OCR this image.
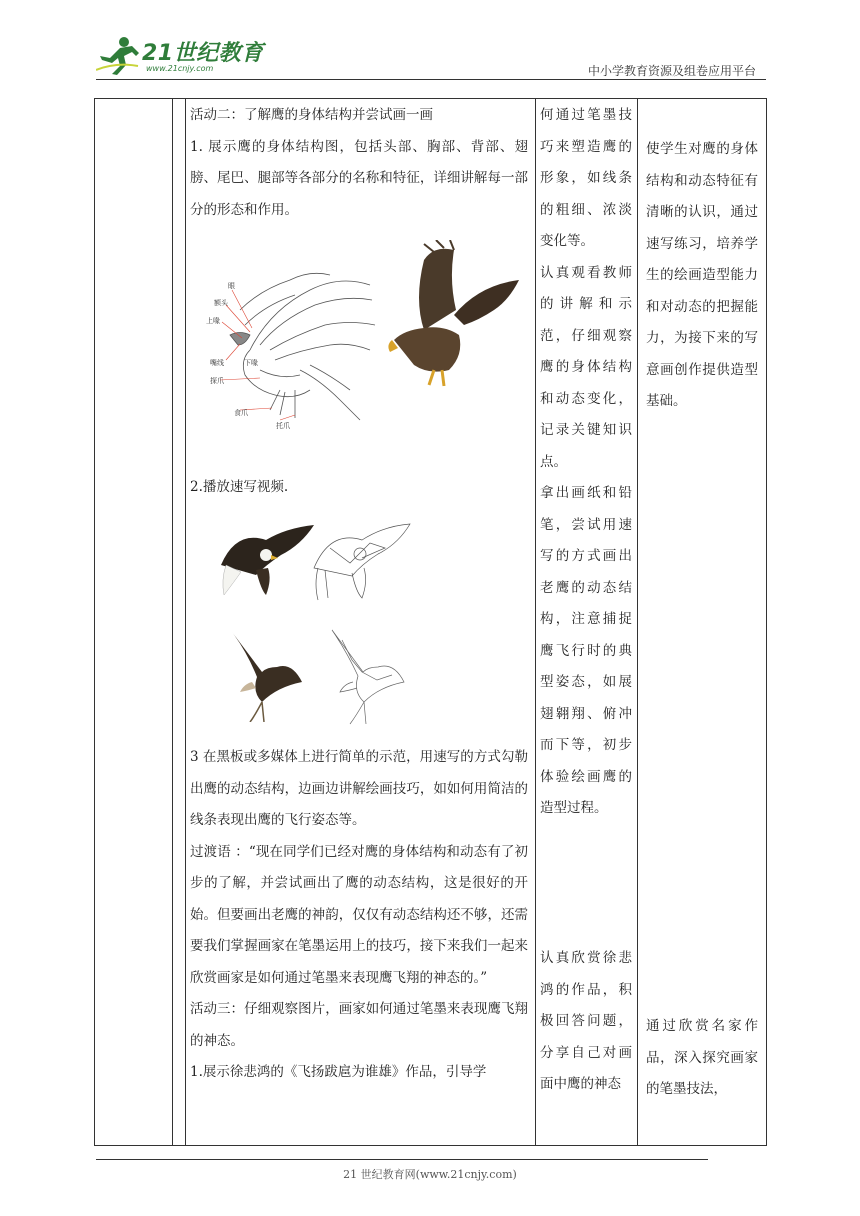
21世纪教育
www.21cnjy.com	中小学教育资源及组卷应用平台

活动二：了解鹰的身体结构并尝试画一画

1. 展示鹰的身体结构图，包括头部、胸部、背部、翅膀、尾巴、腿部等各部分的名称和特征，详细讲解每一部分的形态和作用。

眼
额头
上喙
嘴线	下喙
探爪
食爪
托爪

2.播放速写视频.

3 在黑板或多媒体上进行简单的示范，用速写的方式勾勒出鹰的动态结构，边画边讲解绘画技巧，如如何用简洁的线条表现出鹰的飞行姿态等。

过渡语 ：“现在同学们已经对鹰的身体结构和动态有了初步的了解，并尝试画出了鹰的动态结构，这是很好的开始。但要画出老鹰的神韵，仅仅有动态结构还不够，还需要我们掌握画家在笔墨运用上的技巧，接下来我们一起来欣赏画家是如何通过笔墨来表现鹰飞翔的神态的。”

活动三：仔细观察图片，画家如何通过笔墨来表现鹰飞翔的神态。

1.展示徐悲鸿的《飞扬跋扈为谁雄》作品，引导学

何通过笔墨技巧来塑造鹰的形象，如线条的粗细、浓淡变化等。

认真观看教师的讲解和示范，仔细观察鹰的身体结构和动态变化，记录关键知识点。

拿出画纸和铅笔，尝试用速写的方式画出老鹰的动态结构，注意捕捉鹰飞行时的典型姿态，如展翅翱翔、俯冲而下等，初步体验绘画鹰的造型过程。

认真欣赏徐悲鸿的作品，积极回答问题，分享自己对画面中鹰的神态

使学生对鹰的身体结构和动态特征有清晰的认识，通过速写练习，培养学生的绘画造型能力和对动态的把握能力，为接下来的写意画创作提供造型基础。

通过欣赏名家作品，深入探究画家的笔墨技法，

21 世纪教育网(www.21cnjy.com)
